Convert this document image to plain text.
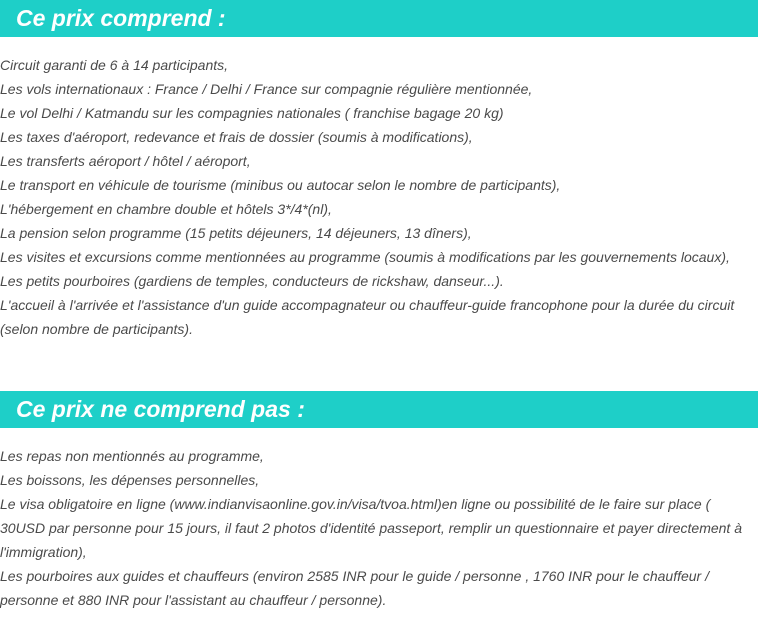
Ce prix comprend :
Circuit garanti de 6 à 14 participants,
Les vols internationaux : France / Delhi / France sur compagnie régulière mentionnée,
Le vol Delhi / Katmandu sur les compagnies nationales ( franchise bagage 20 kg)
Les taxes d'aéroport, redevance et frais de dossier (soumis à modifications),
Les transferts aéroport / hôtel / aéroport,
Le transport en véhicule de tourisme (minibus ou autocar selon le nombre de participants),
L'hébergement en chambre double et hôtels 3*/4*(nl),
La pension selon programme (15 petits déjeuners, 14 déjeuners, 13 dîners),
Les visites et excursions comme mentionnées au programme (soumis à modifications par les gouvernements locaux),
Les petits pourboires (gardiens de temples, conducteurs de rickshaw, danseur...).
L'accueil à l'arrivée et l'assistance d'un guide accompagnateur ou chauffeur-guide francophone pour la durée du circuit (selon nombre de participants).
Ce prix ne comprend pas :
Les repas non mentionnés au programme,
Les boissons, les dépenses personnelles,
Le visa obligatoire en ligne (www.indianvisaonline.gov.in/visa/tvoa.html)en ligne ou possibilité de le faire sur place ( 30USD par personne pour 15 jours, il faut 2 photos d'identité passeport, remplir un questionnaire et payer directement à l'immigration),
Les pourboires aux guides et chauffeurs (environ 2585 INR pour le guide / personne , 1760 INR pour le chauffeur / personne et 880 INR pour l'assistant au chauffeur / personne).
